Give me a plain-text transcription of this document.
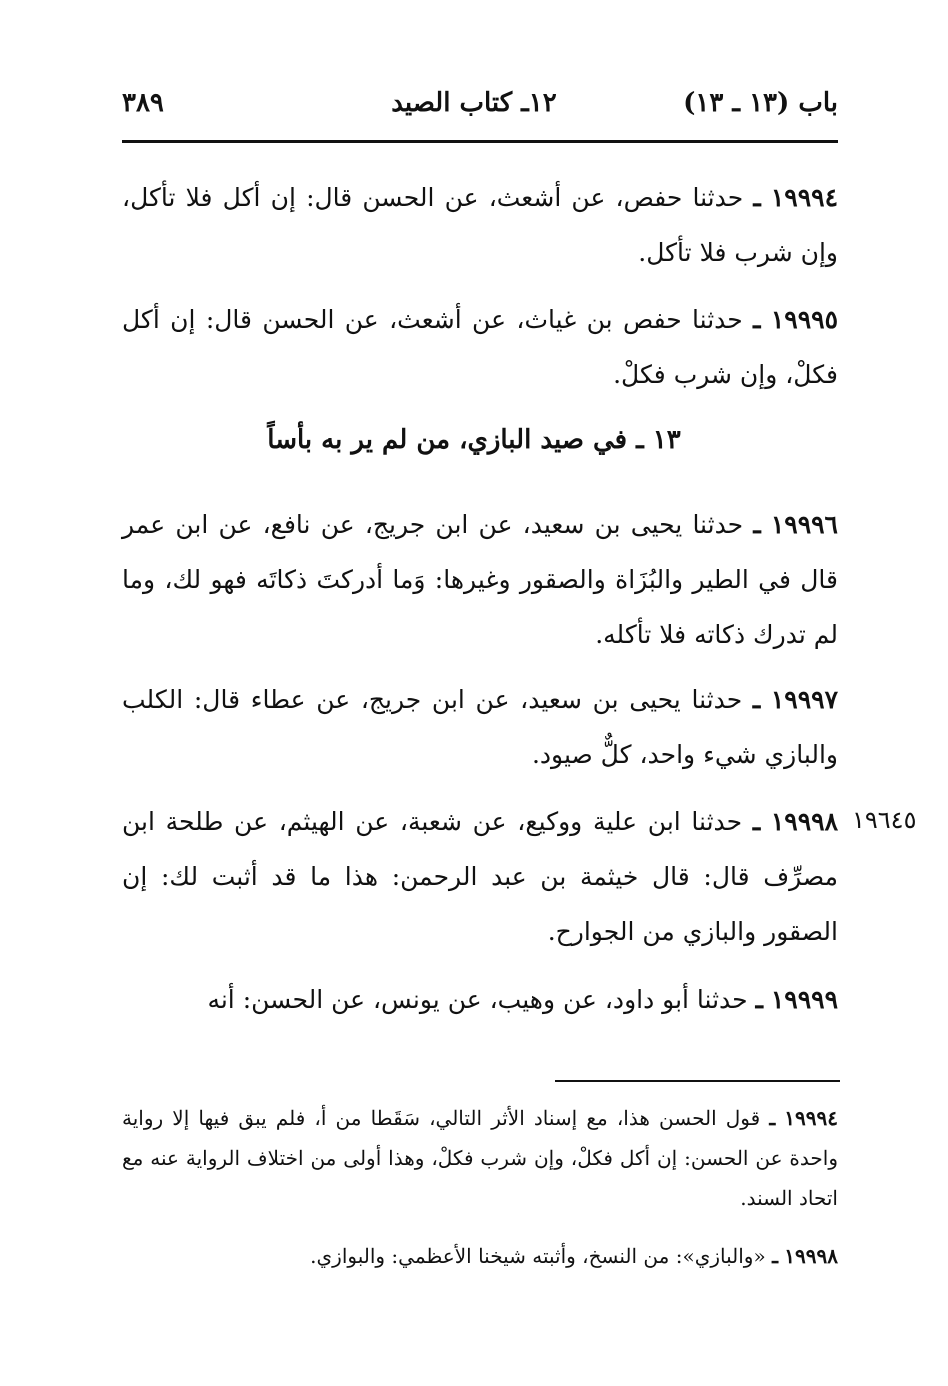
باب (١٣ ـ ١٣)
١٢ـ كتاب الصيد
٣٨٩

١٩٩٩٤ ـ حدثنا حفص، عن أشعث، عن الحسن قال: إن أكل فلا تأكل، وإن شرب فلا تأكل.

١٩٩٩٥ ـ حدثنا حفص بن غياث، عن أشعث، عن الحسن قال: إن أكل فكلْ، وإن شرب فكلْ.

١٣ ـ في صيد البازي، من لم ير به بأساً

١٩٩٩٦ ـ حدثنا يحيى بن سعيد، عن ابن جريج، عن نافع، عن ابن عمر قال في الطير والبُزَاة والصقور وغيرها: وَما أدركتَ ذكاتَه فهو لك، وما لم تدرك ذكاته فلا تأكله.

١٩٩٩٧ ـ حدثنا يحيى بن سعيد، عن ابن جريج، عن عطاء قال: الكلب والبازي شيء واحد، كلٌّ صيود.

١٩٦٤٥

١٩٩٩٨ ـ حدثنا ابن علية ووكيع، عن شعبة، عن الهيثم، عن طلحة ابن مصرِّف قال: قال خيثمة بن عبد الرحمن: هذا ما قد أثبت لك: إن الصقور والبازي من الجوارح.

١٩٩٩٩ ـ حدثنا أبو داود، عن وهيب، عن يونس، عن الحسن: أنه

١٩٩٩٤ ـ قول الحسن هذا، مع إسناد الأثر التالي، سَقَطا من أ، فلم يبق فيها إلا رواية واحدة عن الحسن: إن أكل فكلْ، وإن شرب فكلْ، وهذا أولى من اختلاف الرواية عنه مع اتحاد السند.

١٩٩٩٨ ـ «والبازي»: من النسخ، وأثبته شيخنا الأعظمي: والبوازي.
